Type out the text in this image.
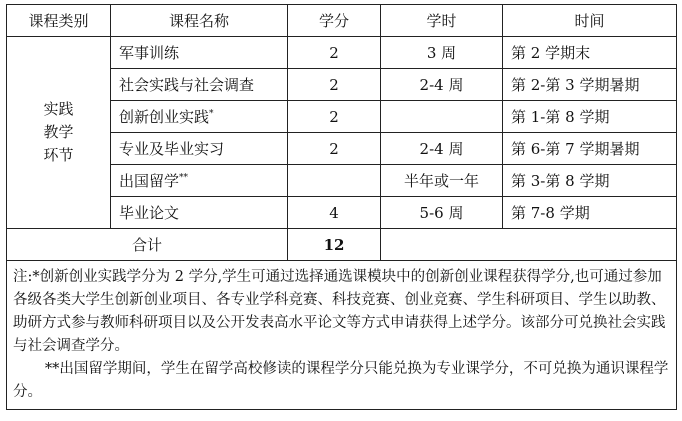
课程类别	课程名称	学分	学时	时间

实践
教学
环节	军事训练	2	3 周	第 2 学期末
	社会实践与社会调查	2	2-4 周	第 2-第 3 学期暑期
	创新创业实践*	2		第 1-第 8 学期
	专业及毕业实习	2	2-4 周	第 6-第 7 学期暑期
	出国留学**		半年或一年	第 3-第 8 学期
	毕业论文	4	5-6 周	第 7-8 学期
合计		12		

注:*创新创业实践学分为 2 学分,学生可通过选择通选课模块中的创新创业课程获得学分,也可通过参加各级各类大学生创新创业项目、各专业学科竞赛、科技竞赛、创业竞赛、学生科研项目、学生以助教、助研方式参与教师科研项目以及公开发表高水平论文等方式申请获得上述学分。该部分可兑换社会实践与社会调查学分。

**出国留学期间，学生在留学高校修读的课程学分只能兑换为专业课学分，不可兑换为通识课程学分。				
